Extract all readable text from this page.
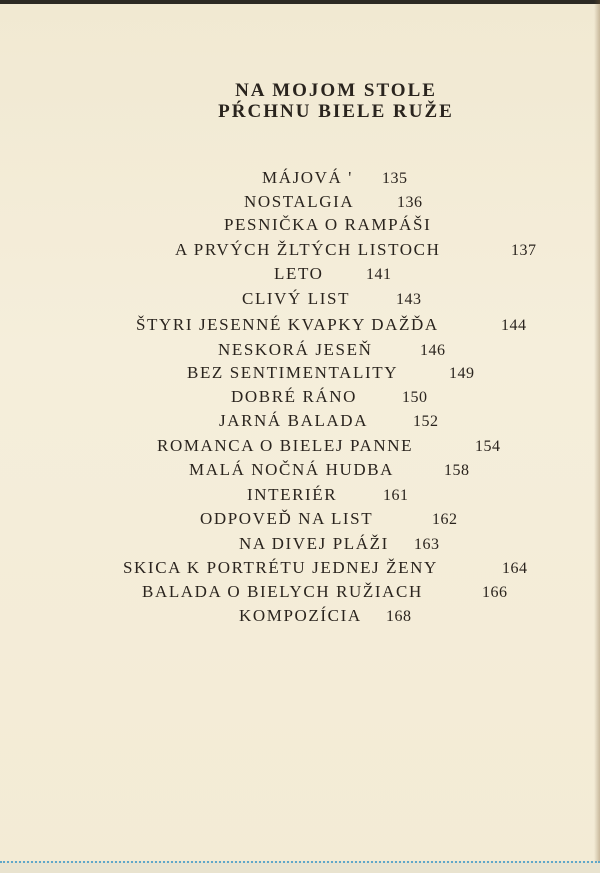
NA MOJOM STOLE
PŔCHNU BIELE RUŽE
MÁJOVÁ ' 135
NOSTALGIA	136
PESNIČKA O RAMPÁŠI
A PRVÝCH ŽLTÝCH LISTOCH	137
LETO	141
CLIVÝ LIST	143
ŠTYRI JESENNÉ KVAPKY DAŽĎA	144
NESKORÁ JESEŇ	146
BEZ SENTIMENTALITY	149
DOBRÉ RÁNO	150
JARNÁ BALADA	152
ROMANCA O BIELEJ PANNE	154
MALÁ NOČNÁ HUDBA	158
INTERIÉR	161
ODPOVEĎ NA LIST	162
NA DIVEJ PLÁŽI 163
SKICA K PORTRÉTU JEDNEJ ŽENY	164
BALADA O BIELYCH RUŽIACH	166
KOMPOZÍCIA 168
